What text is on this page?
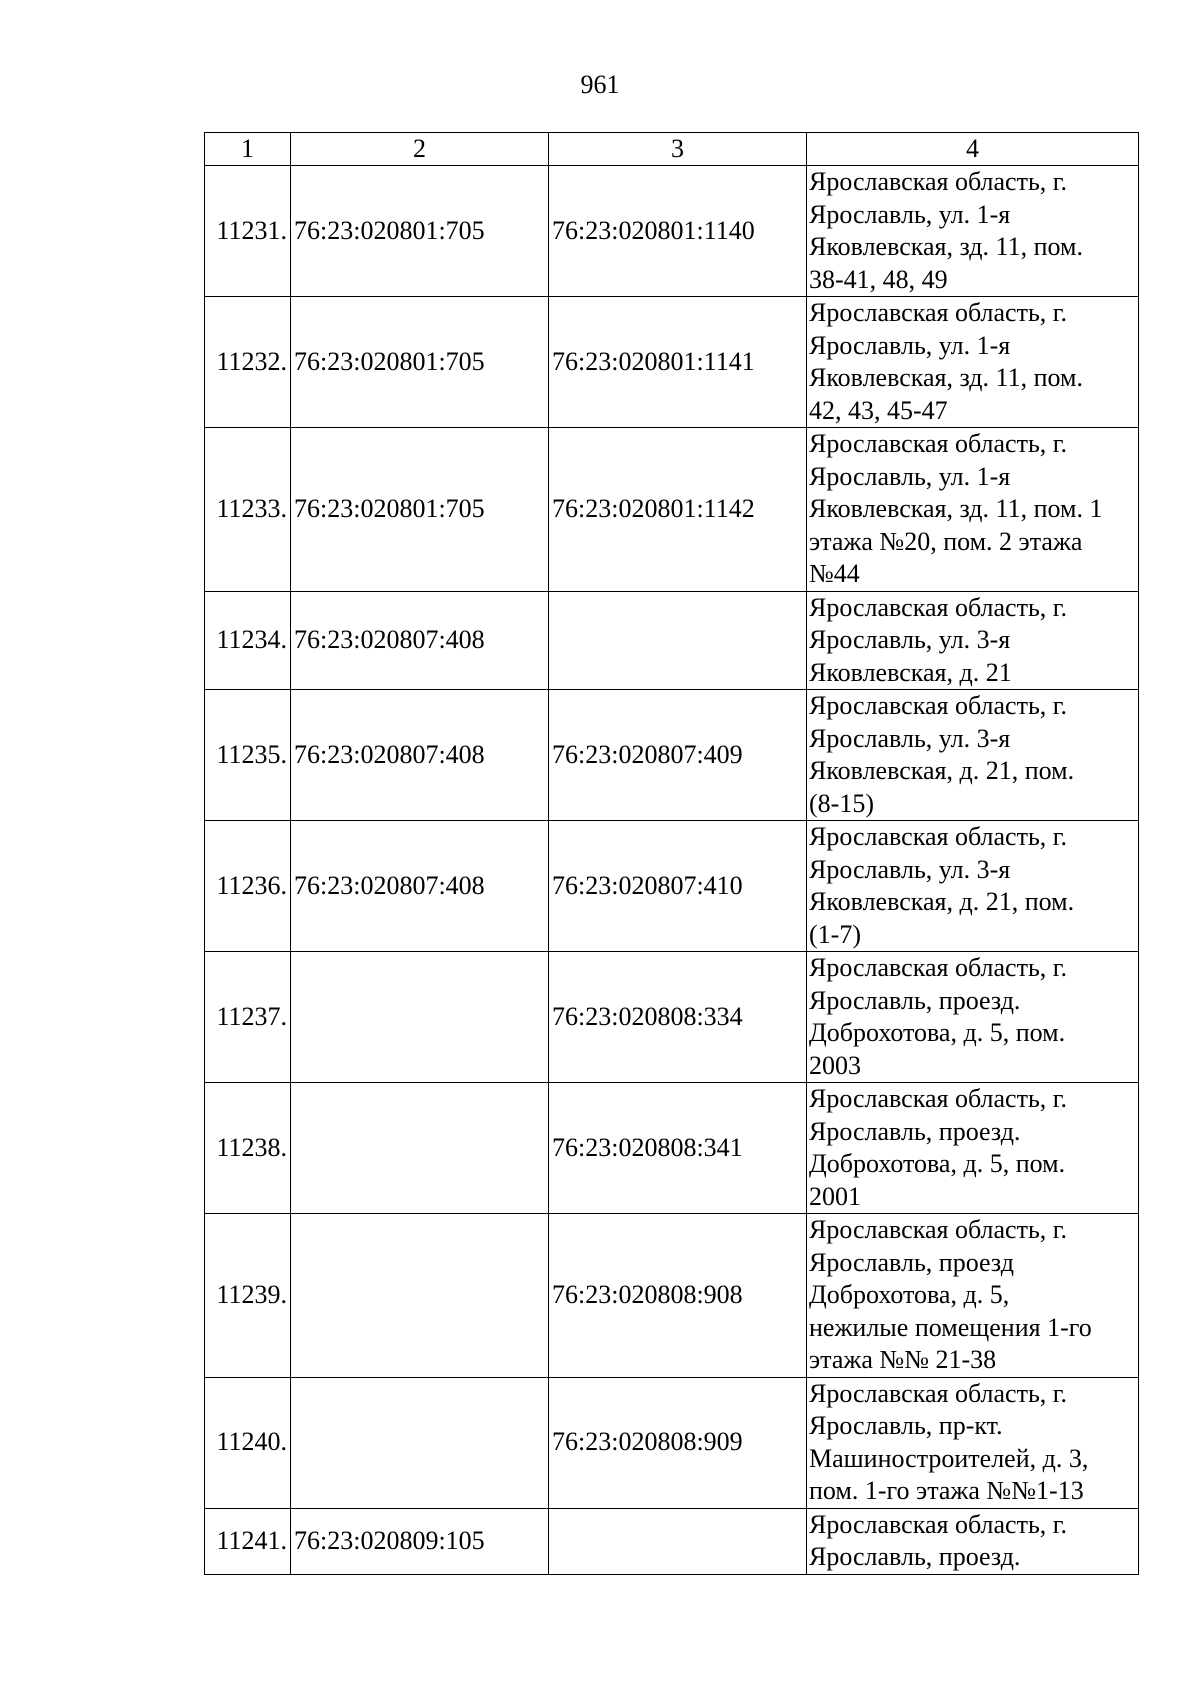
961
1	2	3	4
11231.	76:23:020801:705	76:23:020801:1140	Ярославская область, г.
Ярославль, ул. 1-я
Яковлевская, зд. 11, пом.
38-41, 48, 49

11232.	76:23:020801:705	76:23:020801:1141	Ярославская область, г.
Ярославль, ул. 1-я
Яковлевская, зд. 11, пом.
42, 43, 45-47

11233.	76:23:020801:705	76:23:020801:1142	Ярославская область, г.
Ярославль, ул. 1-я
Яковлевская, зд. 11, пом. 1
этажа №20, пом. 2 этажа
№44

11234.	76:23:020807:408		Ярославская область, г.
Ярославль, ул. 3-я
Яковлевская, д. 21

11235.	76:23:020807:408	76:23:020807:409	Ярославская область, г.
Ярославль, ул. 3-я
Яковлевская, д. 21, пом.
(8-15)

11236.	76:23:020807:408	76:23:020807:410	Ярославская область, г.
Ярославль, ул. 3-я
Яковлевская, д. 21, пом.
(1-7)

11237.		76:23:020808:334	Ярославская область, г.
Ярославль, проезд.
Доброхотова, д. 5, пом.
2003

11238.		76:23:020808:341	Ярославская область, г.
Ярославль, проезд.
Доброхотова, д. 5, пом.
2001

11239.		76:23:020808:908	Ярославская область, г.
Ярославль, проезд
Доброхотова, д. 5,
нежилые помещения 1-го
этажа №№ 21-38

11240.		76:23:020808:909	Ярославская область, г.
Ярославль, пр-кт.
Машиностроителей, д. 3,
пом. 1-го этажа №№1-13

11241.	76:23:020809:105		Ярославская область, г.
Ярославль, проезд.
